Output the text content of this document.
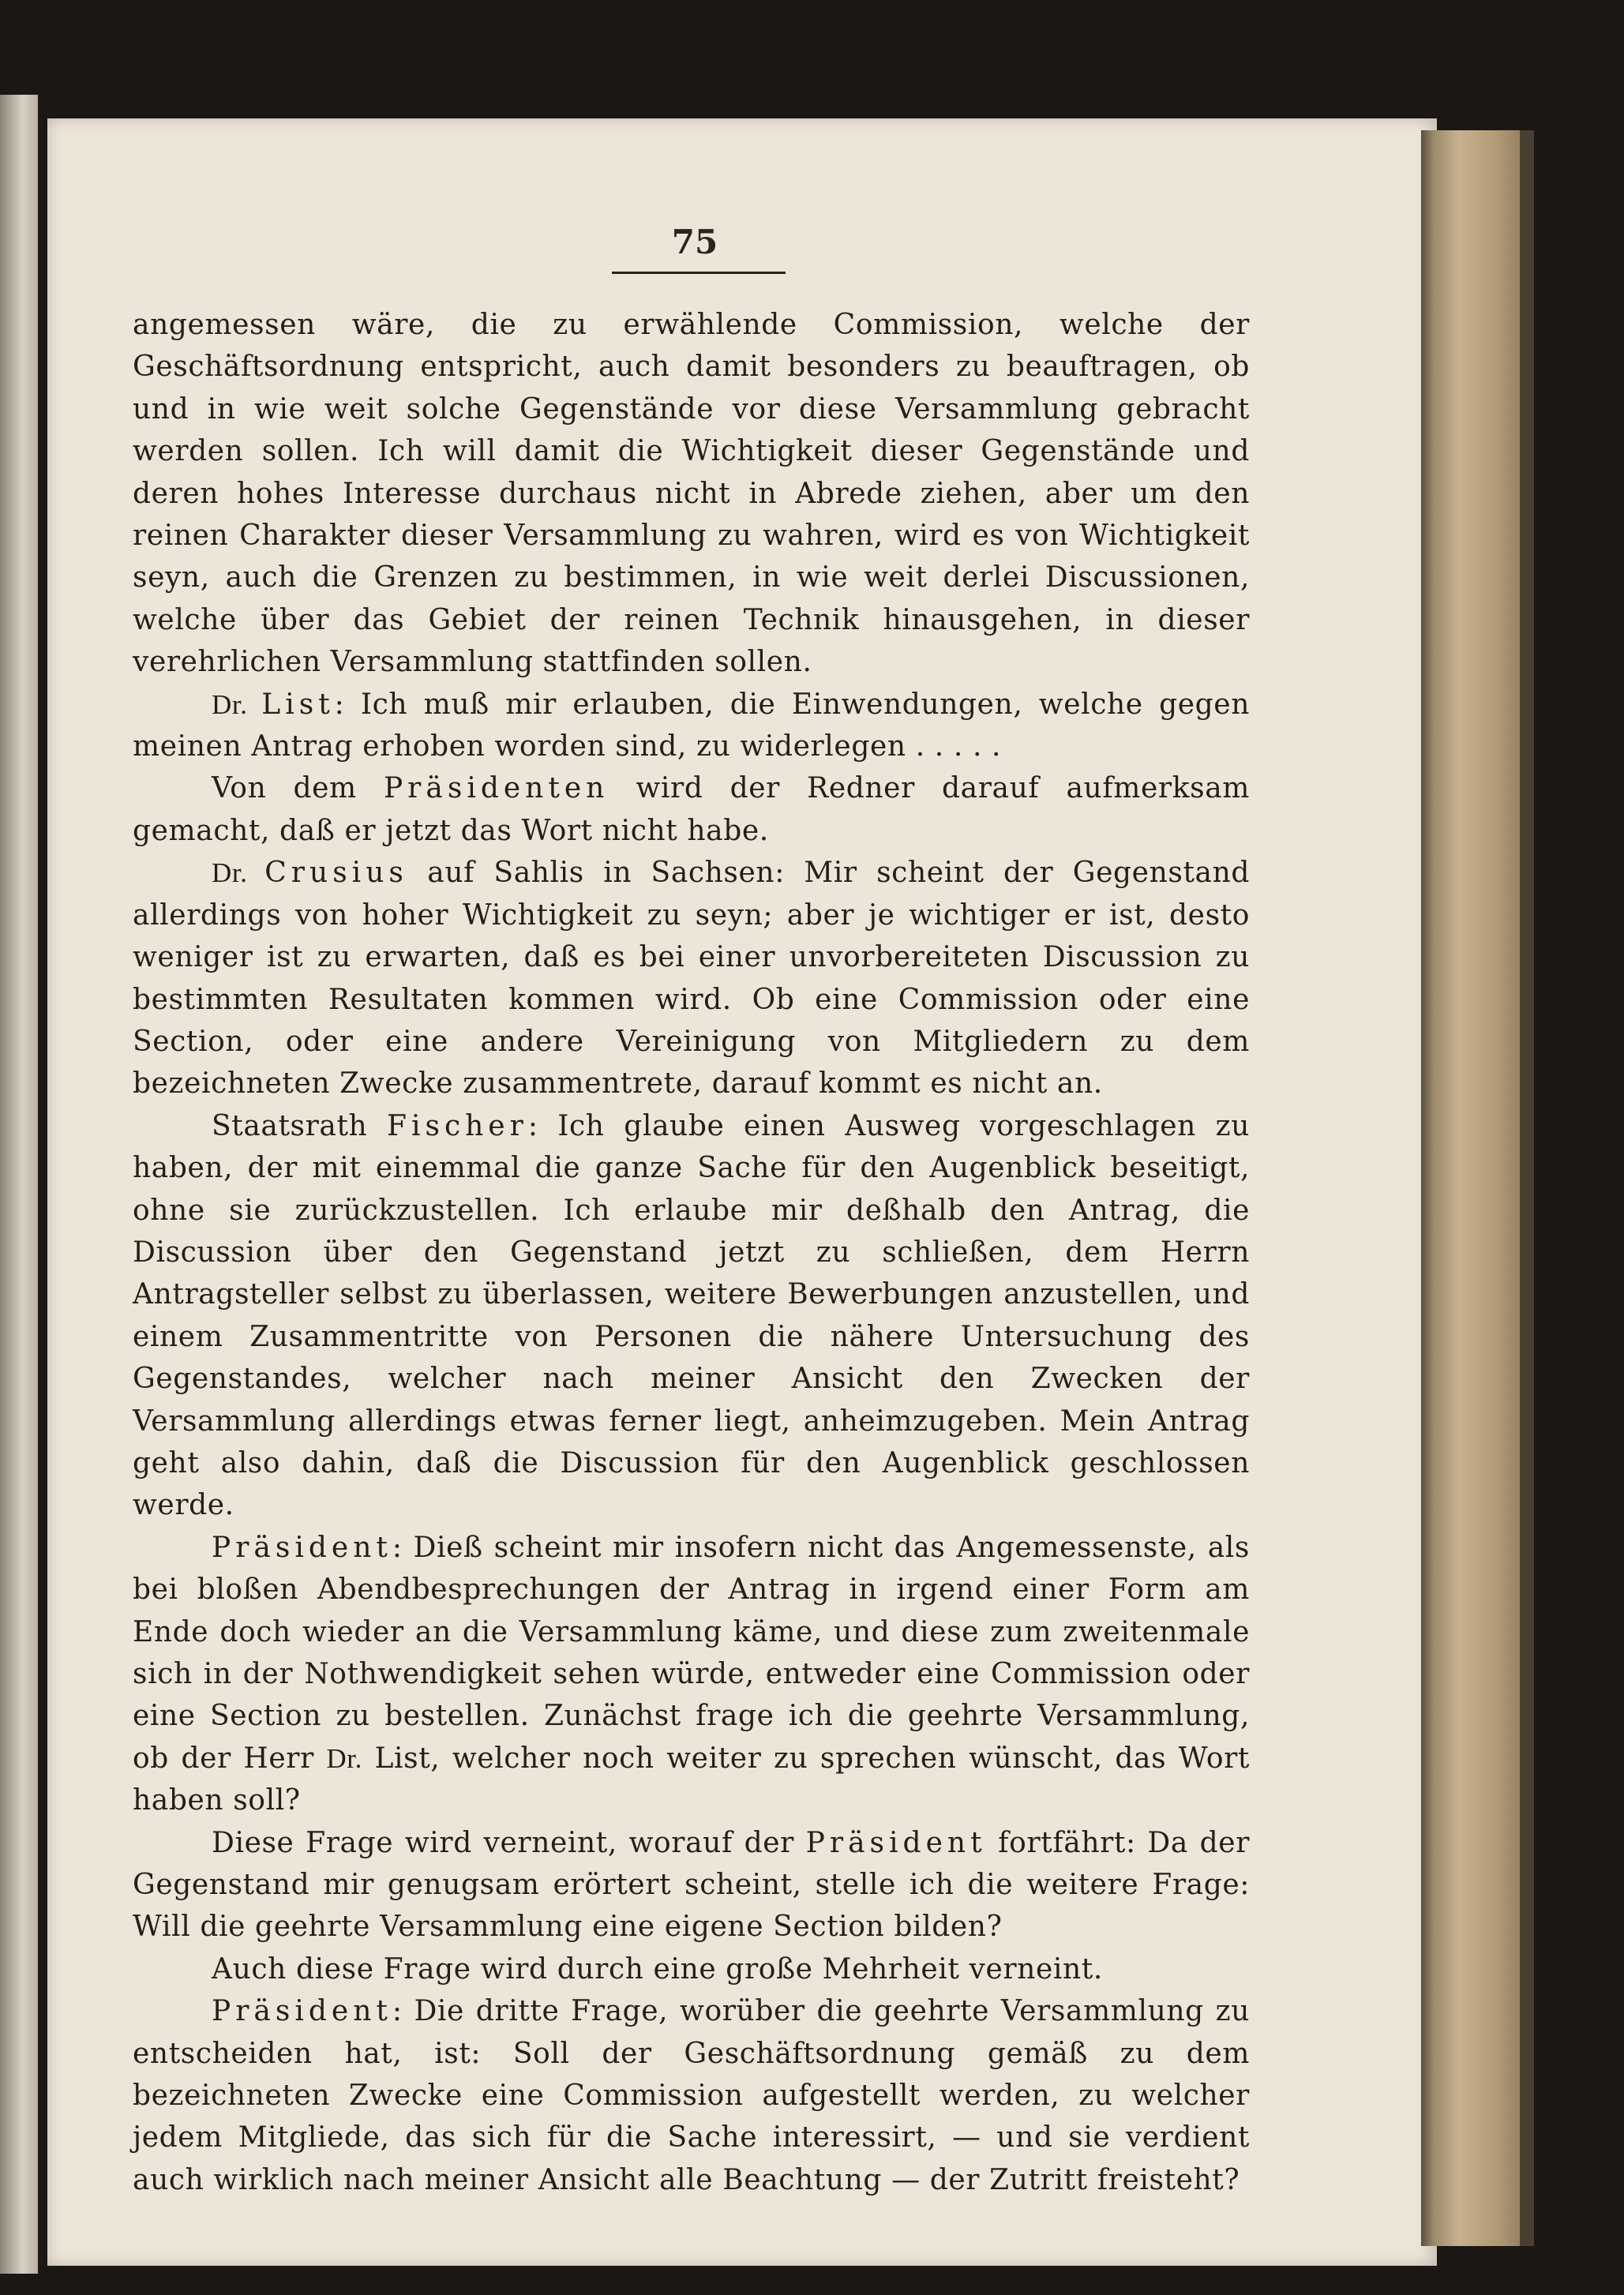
75

angemessen wäre, die zu erwählende Commission, welche der Geschäftsordnung entspricht, auch damit besonders zu beauftragen, ob und in wie weit solche Gegenstände vor diese Versammlung gebracht werden sollen. Ich will damit die Wichtigkeit dieser Gegenstände und deren hohes Interesse durchaus nicht in Abrede ziehen, aber um den reinen Charakter dieser Versammlung zu wahren, wird es von Wichtigkeit seyn, auch die Grenzen zu bestimmen, in wie weit derlei Discussionen, welche über das Gebiet der reinen Technik hinausgehen, in dieser verehrlichen Versammlung stattfinden sollen.

Dr. List: Ich muß mir erlauben, die Einwendungen, welche gegen meinen Antrag erhoben worden sind, zu widerlegen . . . . .

Von dem Präsidenten wird der Redner darauf aufmerksam gemacht, daß er jetzt das Wort nicht habe.

Dr. Crusius auf Sahlis in Sachsen: Mir scheint der Gegenstand allerdings von hoher Wichtigkeit zu seyn; aber je wichtiger er ist, desto weniger ist zu erwarten, daß es bei einer unvorbereiteten Discussion zu bestimmten Resultaten kommen wird. Ob eine Commission oder eine Section, oder eine andere Vereinigung von Mitgliedern zu dem bezeichneten Zwecke zusammentrete, darauf kommt es nicht an.

Staatsrath Fischer: Ich glaube einen Ausweg vorgeschlagen zu haben, der mit einemmal die ganze Sache für den Augenblick beseitigt, ohne sie zurückzustellen. Ich erlaube mir deßhalb den Antrag, die Discussion über den Gegenstand jetzt zu schließen, dem Herrn Antragsteller selbst zu überlassen, weitere Bewerbungen anzustellen, und einem Zusammentritte von Personen die nähere Untersuchung des Gegenstandes, welcher nach meiner Ansicht den Zwecken der Versammlung allerdings etwas ferner liegt, anheimzugeben. Mein Antrag geht also dahin, daß die Discussion für den Augenblick geschlossen werde.

Präsident: Dieß scheint mir insofern nicht das Angemessenste, als bei bloßen Abendbesprechungen der Antrag in irgend einer Form am Ende doch wieder an die Versammlung käme, und diese zum zweitenmale sich in der Nothwendigkeit sehen würde, entweder eine Commission oder eine Section zu bestellen. Zunächst frage ich die geehrte Versammlung, ob der Herr Dr. List, welcher noch weiter zu sprechen wünscht, das Wort haben soll?

Diese Frage wird verneint, worauf der Präsident fortfährt: Da der Gegenstand mir genugsam erörtert scheint, stelle ich die weitere Frage: Will die geehrte Versammlung eine eigene Section bilden?

Auch diese Frage wird durch eine große Mehrheit verneint.

Präsident: Die dritte Frage, worüber die geehrte Versammlung zu entscheiden hat, ist: Soll der Geschäftsordnung gemäß zu dem bezeichneten Zwecke eine Commission aufgestellt werden, zu welcher jedem Mitgliede, das sich für die Sache interessirt, — und sie verdient auch wirklich nach meiner Ansicht alle Beachtung — der Zutritt freisteht?
